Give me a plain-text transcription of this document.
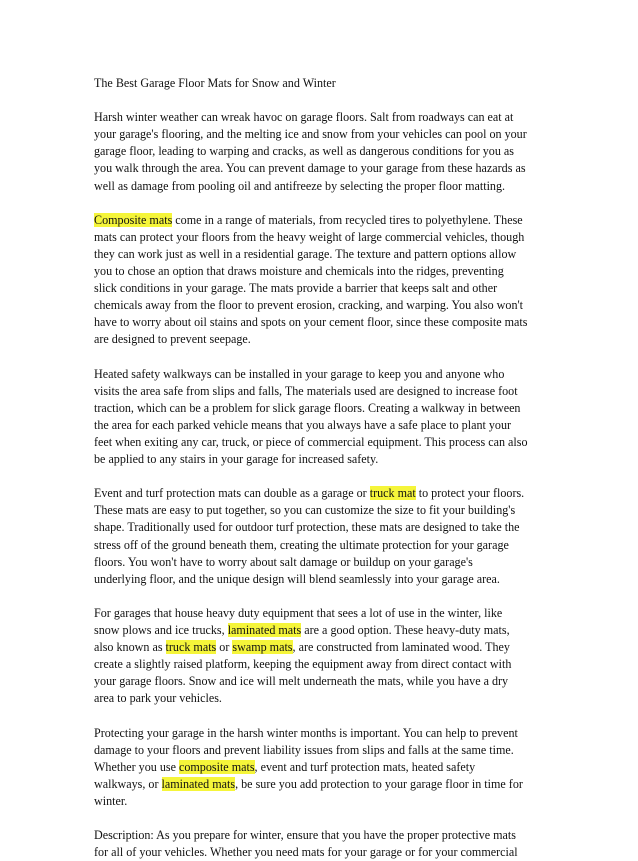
The Best Garage Floor Mats for Snow and Winter
Harsh winter weather can wreak havoc on garage floors. Salt from roadways can eat at
your garage's flooring, and the melting ice and snow from your vehicles can pool on your
garage floor, leading to warping and cracks, as well as dangerous conditions for you as
you walk through the area. You can prevent damage to your garage from these hazards as
well as damage from pooling oil and antifreeze by selecting the proper floor matting.
Composite mats come in a range of materials, from recycled tires to polyethylene. These
mats can protect your floors from the heavy weight of large commercial vehicles, though
they can work just as well in a residential garage. The texture and pattern options allow
you to chose an option that draws moisture and chemicals into the ridges, preventing
slick conditions in your garage. The mats provide a barrier that keeps salt and other
chemicals away from the floor to prevent erosion, cracking, and warping. You also won't
have to worry about oil stains and spots on your cement floor, since these composite mats
are designed to prevent seepage.
Heated safety walkways can be installed in your garage to keep you and anyone who
visits the area safe from slips and falls, The materials used are designed to increase foot
traction, which can be a problem for slick garage floors. Creating a walkway in between
the area for each parked vehicle means that you always have a safe place to plant your
feet when exiting any car, truck, or piece of commercial equipment. This process can also
be applied to any stairs in your garage for increased safety.
Event and turf protection mats can double as a garage or truck mat to protect your floors.
These mats are easy to put together, so you can customize the size to fit your building's
shape. Traditionally used for outdoor turf protection, these mats are designed to take the
stress off of the ground beneath them, creating the ultimate protection for your garage
floors. You won't have to worry about salt damage or buildup on your garage's
underlying floor, and the unique design will blend seamlessly into your garage area.
For garages that house heavy duty equipment that sees a lot of use in the winter, like
snow plows and ice trucks, laminated mats are a good option. These heavy-duty mats,
also known as truck mats or swamp mats, are constructed from laminated wood. They
create a slightly raised platform, keeping the equipment away from direct contact with
your garage floors. Snow and ice will melt underneath the mats, while you have a dry
area to park your vehicles.
Protecting your garage in the harsh winter months is important. You can help to prevent
damage to your floors and prevent liability issues from slips and falls at the same time.
Whether you use composite mats, event and turf protection mats, heated safety
walkways, or laminated mats, be sure you add protection to your garage floor in time for
winter.
Description: As you prepare for winter, ensure that you have the proper protective mats
for all of your vehicles. Whether you need mats for your garage or for your commercial
